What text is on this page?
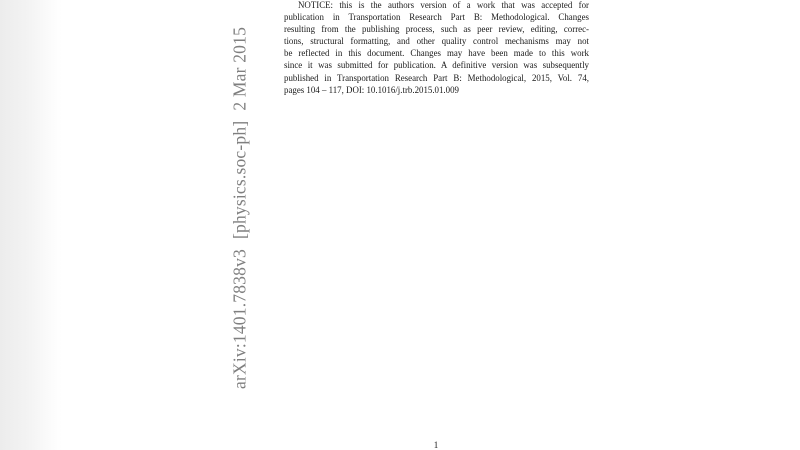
arXiv:1401.7838v3[physics.soc-ph]2 Mar 2015
NOTICE: this is the authors version of a work that was accepted for
publication in Transportation Research Part B: Methodological. Changes
resulting from the publishing process, such as peer review, editing, correc-
tions, structural formatting, and other quality control mechanisms may not
be reflected in this document. Changes may have been made to this work
since it was submitted for publication. A definitive version was subsequently
published in Transportation Research Part B: Methodological, 2015, Vol. 74,
pages 104 – 117, DOI: 10.1016/j.trb.2015.01.009
1
